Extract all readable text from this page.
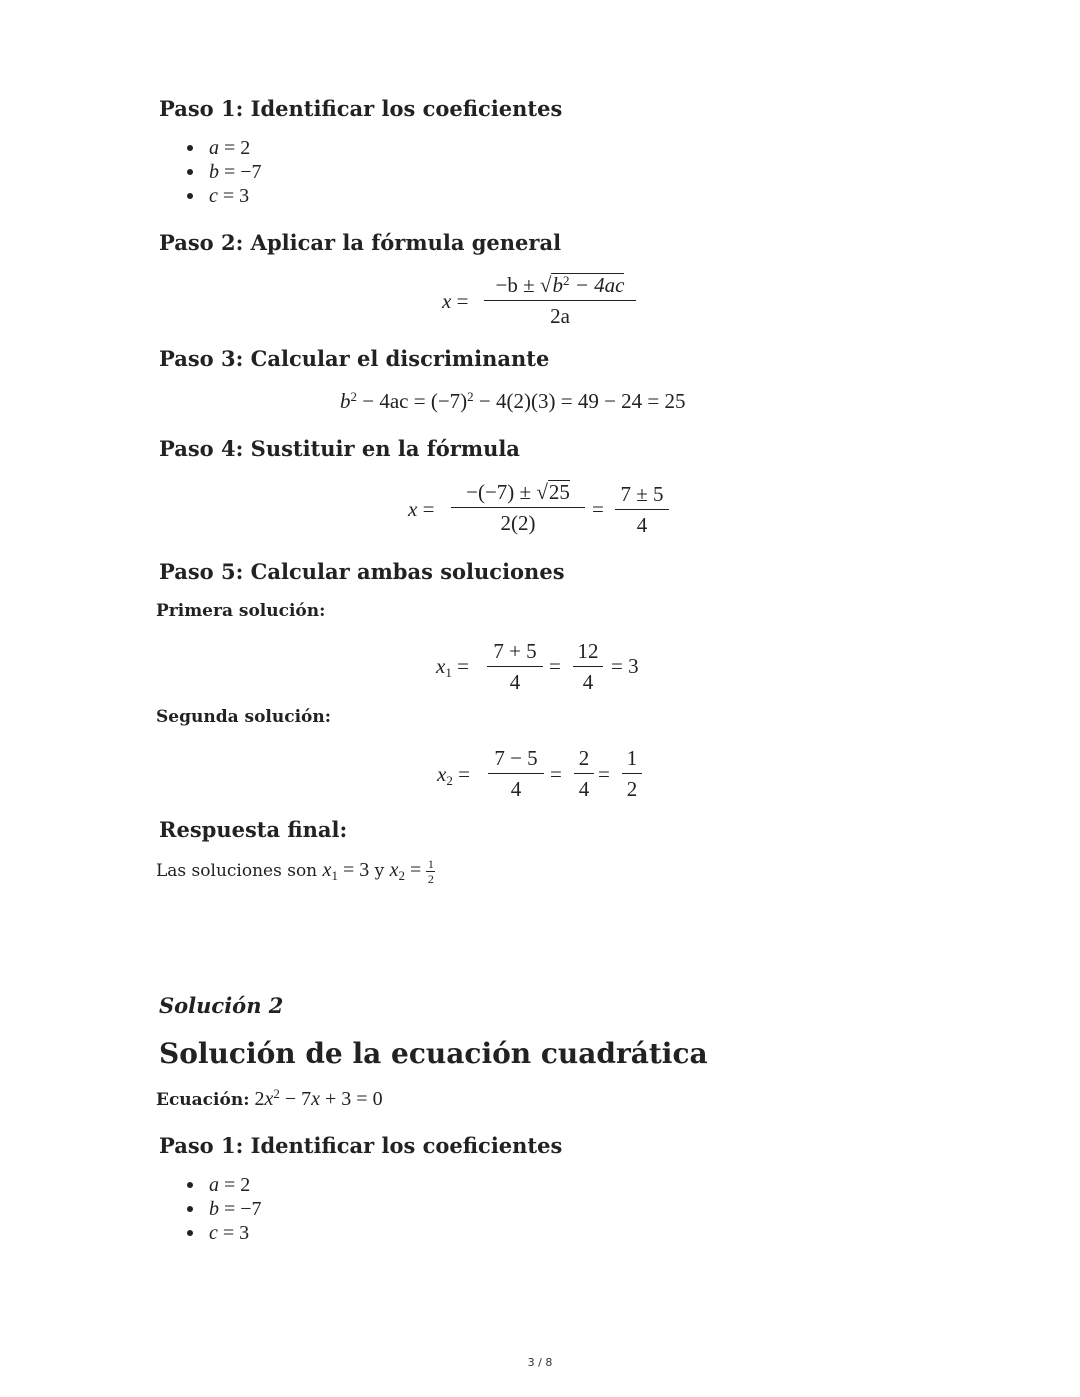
Paso 1: Identificar los coeficientes
a = 2
b = −7
c = 3
Paso 2: Aplicar la fórmula general
x =
$-b \pm √b^2 - 4ac$
2a
Paso 3: Calcular el discriminante
$b^2 - 4ac = (-7)^2 - 4(2)(3) = 49 - 24 = 25$
Paso 4: Sustituir en la fórmula
x =
−(−7) ± √25
2(2)
=
7 ± 5
4
Paso 5: Calcular ambas soluciones
Primera solución:
$x_1$ =
7 + 5
4
=
12
4
= 3
Segunda solución:
$x_2$ =
7 − 5
4
=
2
4
=
1
2
Respuesta final:
Las soluciones son $x_1 = 3$ y $x_2 = \frac{1}{2}$
Solución 2
Solución de la ecuación cuadrática
Ecuación: $2x^2 - 7x + 3 = 0$
Paso 1: Identificar los coeficientes
a = 2
b = −7
c = 3
3 / 8
